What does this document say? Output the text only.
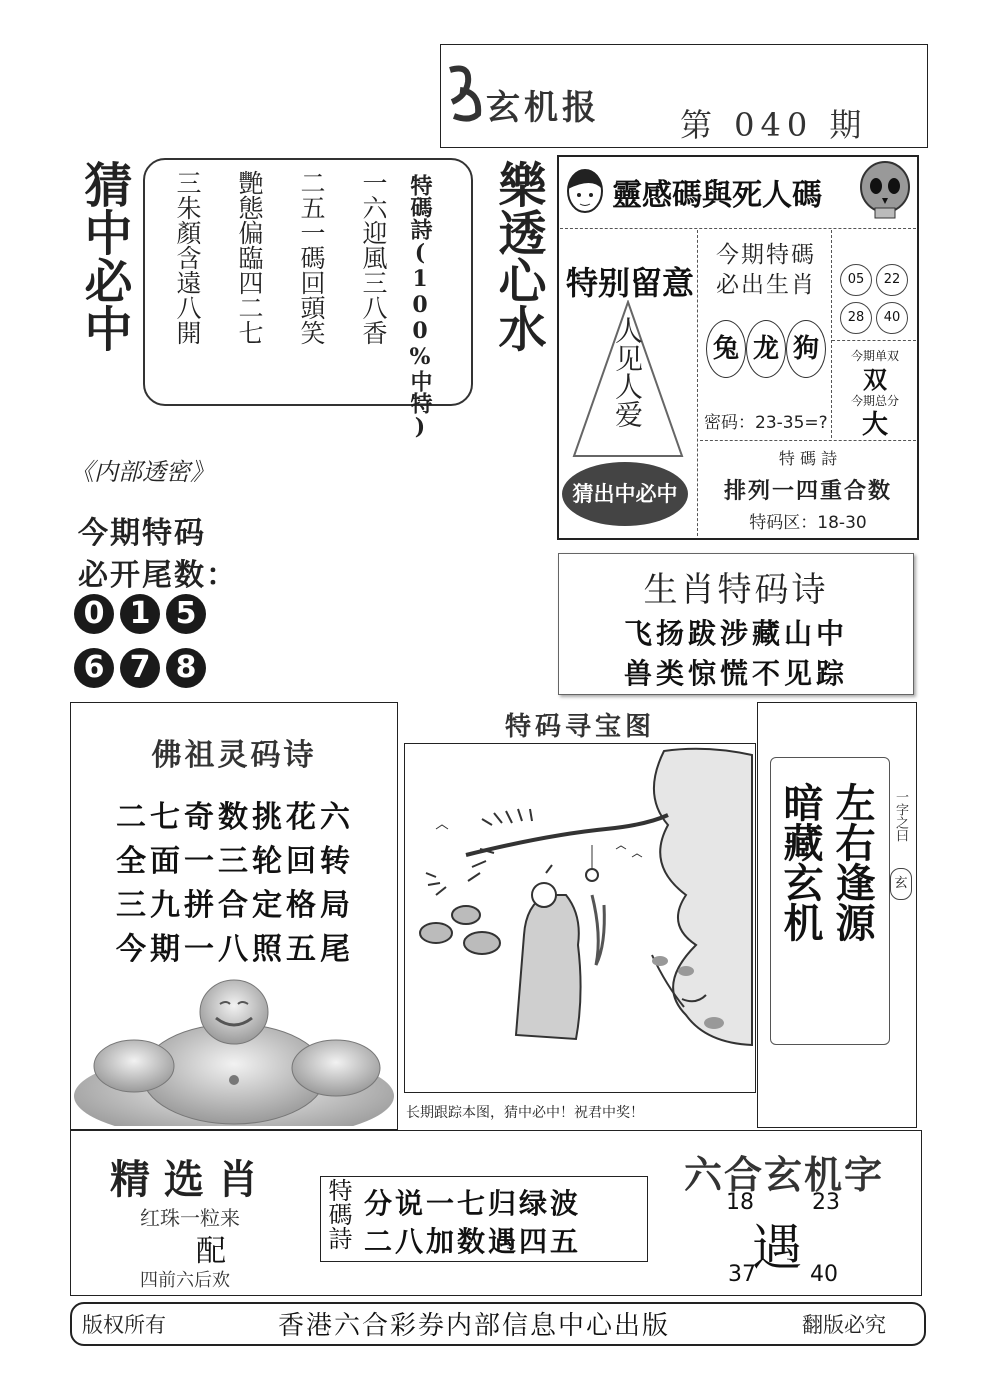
玄机报	第 040 期
猜中必中	樂透心水
特碼詩(100%中特)
一六迎風三八香
二五一碼回頭笑
艷態偏臨四二七
三朱顏含遠八開	靈感碼與死人碼
特别留意
人见人爱
猜出中必中
今期特碼必出生肖
兔 龙 狗
密码：23-35=?
05	22
28	40
今期单双
双
今期总分
大
特 碼 詩
排列一四重合数
特码区：18-30
《内部透密》
今期特码
必开尾数：
0 1 5
6 7 8
生肖特码诗
飞扬跋涉藏山中
兽类惊慌不见踪
佛祖灵码诗
二七奇数挑花六
全面一三轮回转
三九拼合定格局
今期一八照五尾
特码寻宝图
长期跟踪本图，猜中必中！祝君中奖！
左右逢源
暗藏玄机	一字之曰
玄
精 选 肖
红珠一粒来
配
四前六后欢
特碼詩 分说一七归绿波
二八加数遇四五
六合玄机字
18	23
遇
37 40
版权所有	香港六合彩券内部信息中心出版	翻版必究
